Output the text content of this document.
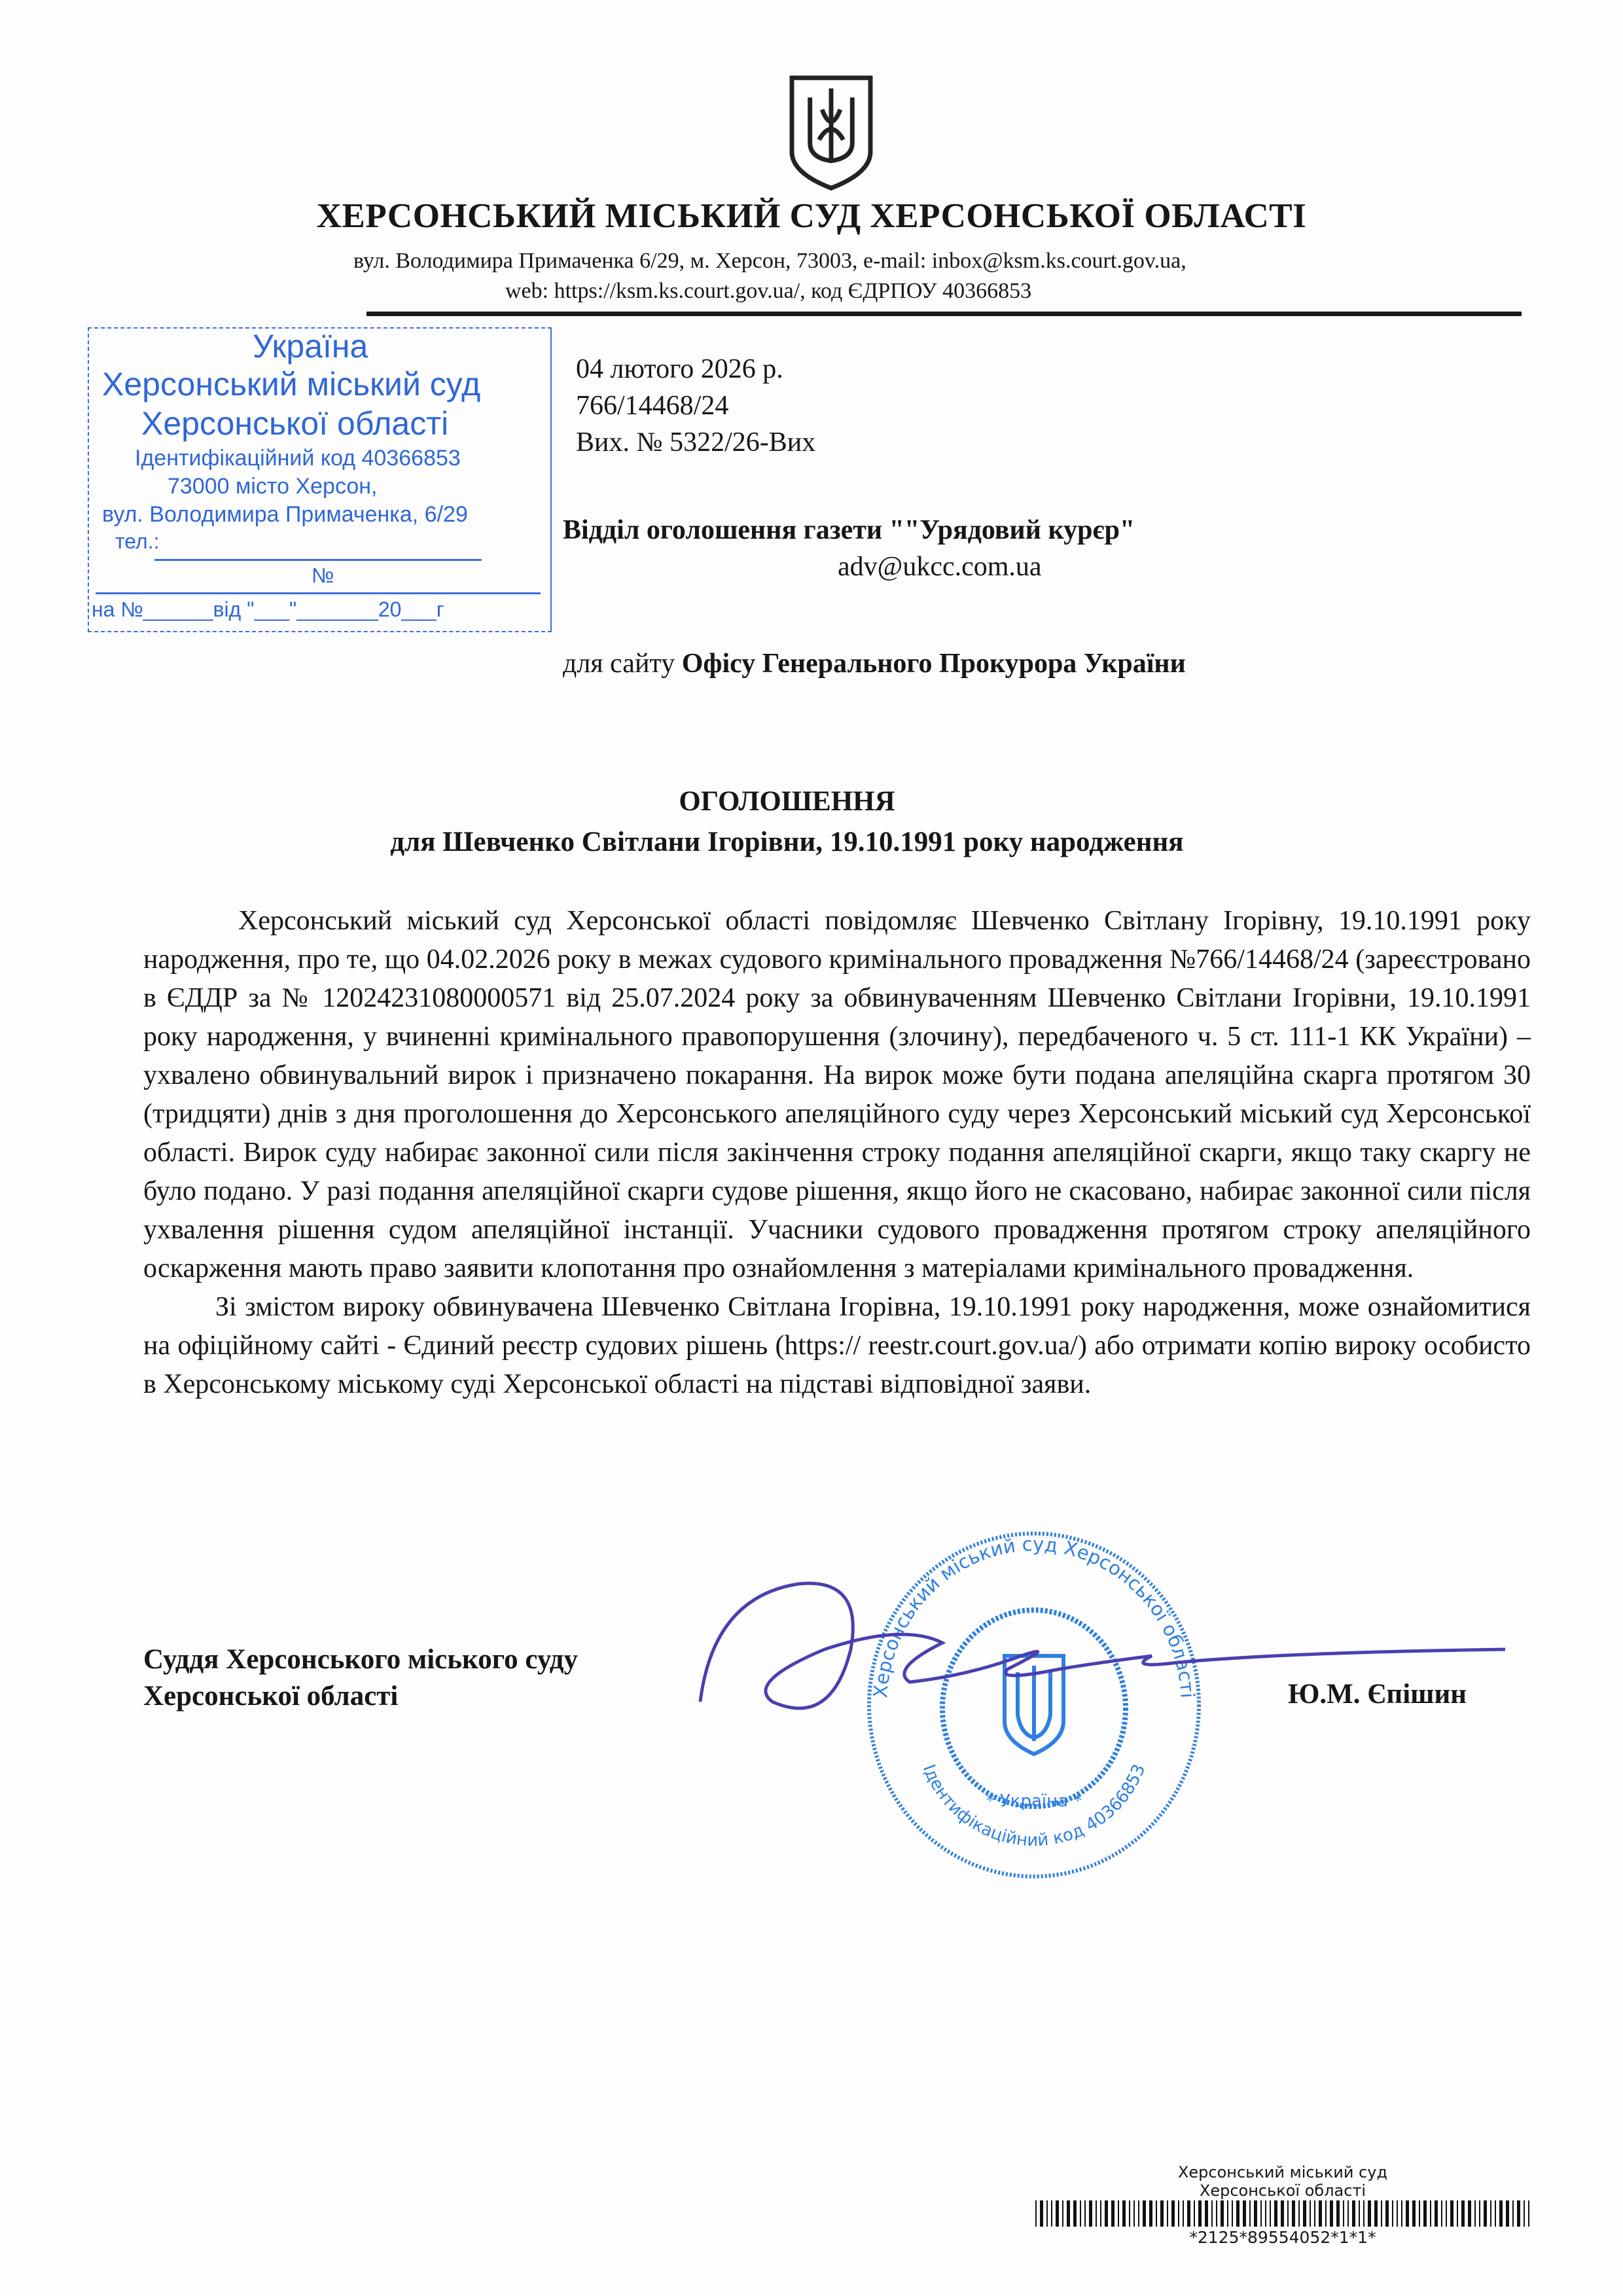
ХЕРСОНСЬКИЙ МІСЬКИЙ СУД ХЕРСОНСЬКОЇ ОБЛАСТІ
вул. Володимира Примаченка 6/29, м. Херсон, 73003, e-mail: inbox@ksm.ks.court.gov.ua,
web: https://ksm.ks.court.gov.ua/, код ЄДРПОУ 40366853
Україна
Херсонський міський суд
Херсонської області
Ідентифікаційний код 40366853
73000 місто Херсон,
вул. Володимира Примаченка, 6/29
тел.:
№
на №______від "___"_______20___г
04 лютого 2026 р.
766/14468/24
Вих. № 5322/26-Вих
Відділ оголошення газети ""Урядовий курєр"
adv@ukcc.com.ua
для сайту Офісу Генерального Прокурора України
ОГОЛОШЕННЯ
для Шевченко Світлани Ігорівни, 19.10.1991 року народження

Херсонський міський суд Херсонської області повідомляє Шевченко Світлану Ігорівну, 19.10.1991 року народження, про те, що 04.02.2026 року в межах судового кримінального провадження №766/14468/24 (зареєстровано в ЄДДР за № 12024231080000571 від 25.07.2024 року за обвинуваченням Шевченко Світлани Ігорівни, 19.10.1991 року народження, у вчиненні кримінального правопорушення (злочину), передбаченого ч. 5 ст. 111-1 КК України) – ухвалено обвинувальний вирок і призначено покарання. На вирок може бути подана апеляційна скарга протягом 30 (тридцяти) днів з дня проголошення до Херсонського апеляційного суду через Херсонський міський суд Херсонської області. Вирок суду набирає законної сили після закінчення строку подання апеляційної скарги, якщо таку скаргу не було подано. У разі подання апеляційної скарги судове рішення, якщо його не скасовано, набирає законної сили після ухвалення рішення судом апеляційної інстанції. Учасники судового провадження протягом строку апеляційного оскарження мають право заявити клопотання про ознайомлення з матеріалами кримінального провадження.

Зі змістом вироку обвинувачена Шевченко Світлана Ігорівна, 19.10.1991 року народження, може ознайомитися на офіційному сайті - Єдиний реєстр судових рішень (https:// reestr.court.gov.ua/) або отримати копію вироку особисто в Херсонському міському суді Херсонської області на підставі відповідної заяви.

Суддя Херсонського міського суду
Херсонської області	Ю.М. Єпішин
Херсонський міський суд Херсонської області
Ідентифікаційний код 40366853
* Україна *
Херсонський міський суд
Херсонської області
*2125*89554052*1*1*
